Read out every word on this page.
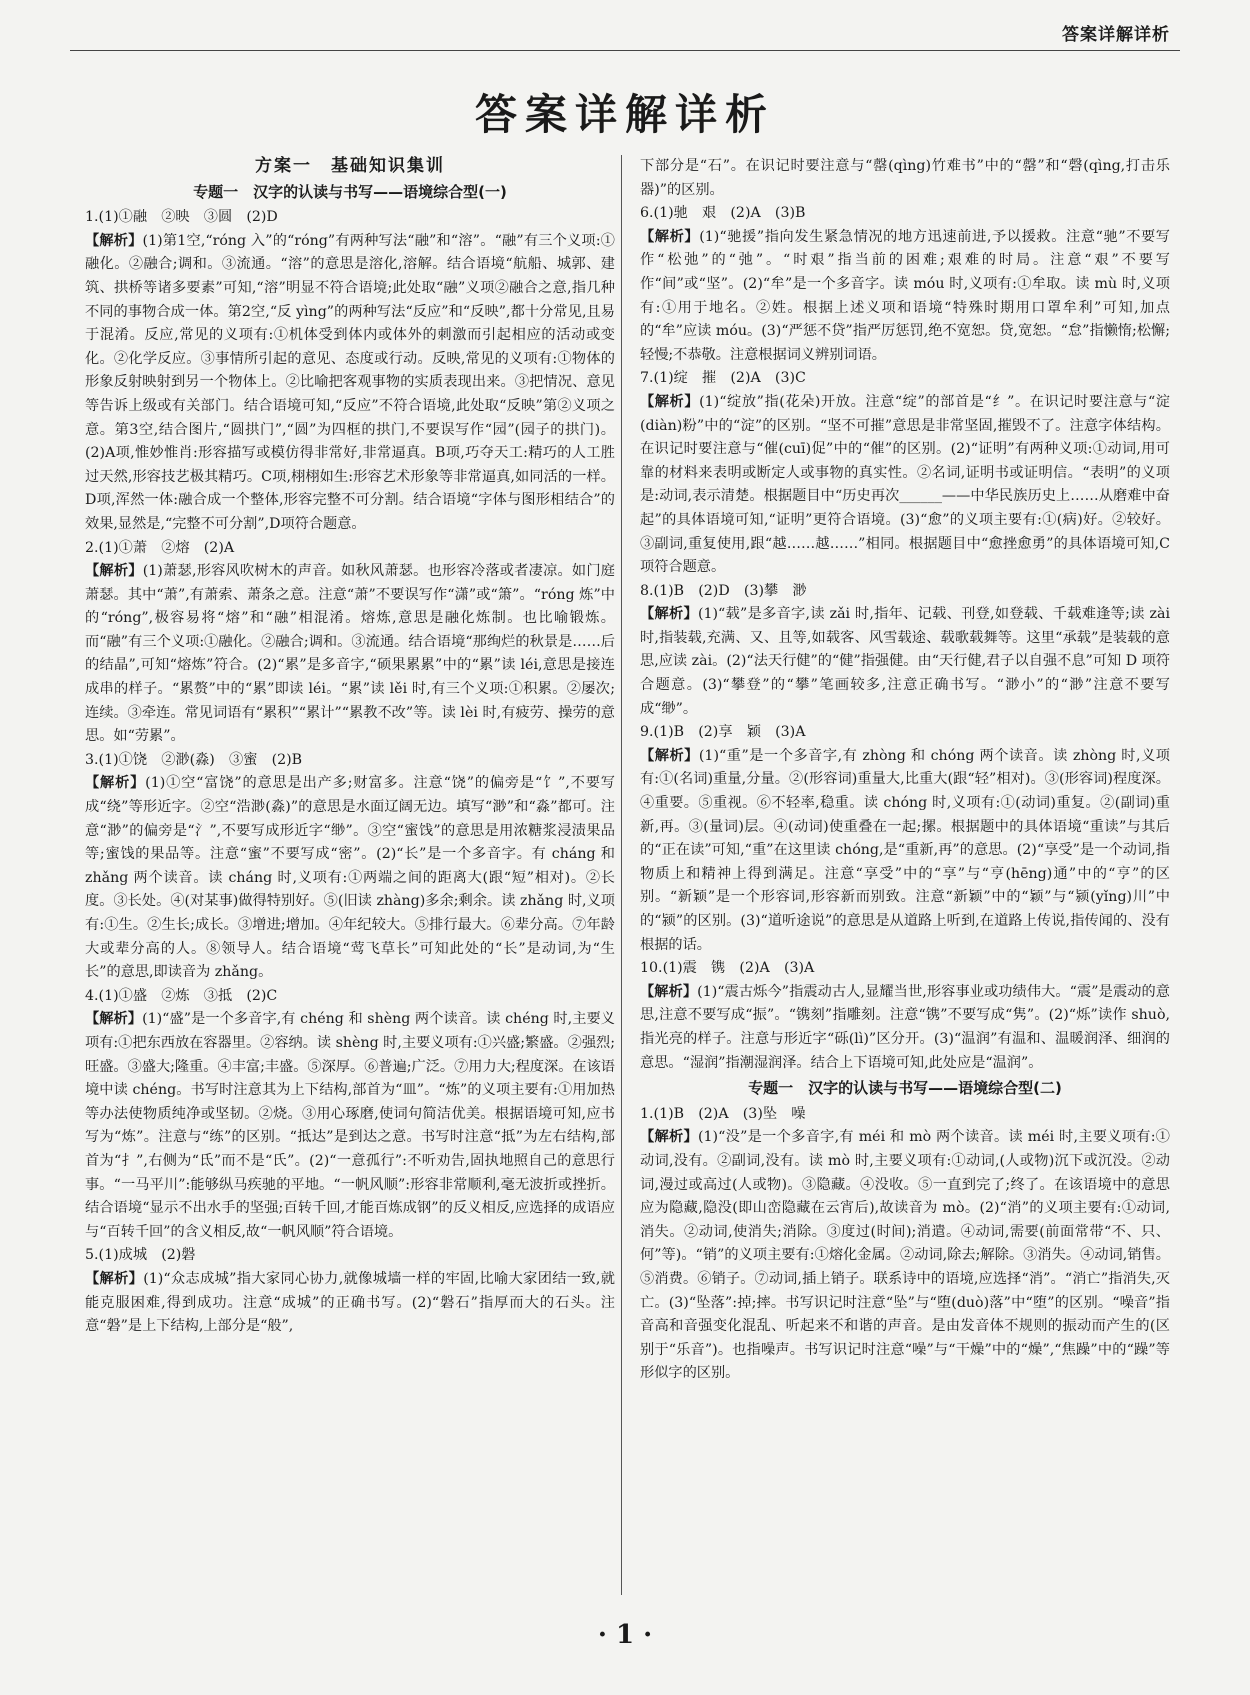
答案详解详析
答案详解详析
方案一　基础知识集训
专题一　汉字的认读与书写——语境综合型(一)

1.(1)①融　②映　③圆　(2)D

【解析】(1)第1空,“róng 入”的“róng”有两种写法“融”和“溶”。“融”有三个义项:①融化。②融合;调和。③流通。“溶”的意思是溶化,溶解。结合语境“航船、城郭、建筑、拱桥等诸多要素”可知,“溶”明显不符合语境;此处取“融”义项②融合之意,指几种不同的事物合成一体。第2空,“反 yìng”的两种写法“反应”和“反映”,都十分常见,且易于混淆。反应,常见的义项有:①机体受到体内或体外的刺激而引起相应的活动或变化。②化学反应。③事情所引起的意见、态度或行动。反映,常见的义项有:①物体的形象反射映射到另一个物体上。②比喻把客观事物的实质表现出来。③把情况、意见等告诉上级或有关部门。结合语境可知,“反应”不符合语境,此处取“反映”第②义项之意。第3空,结合图片,“圆拱门”,“圆”为四框的拱门,不要误写作“园”(园子的拱门)。(2)A项,惟妙惟肖:形容描写或模仿得非常好,非常逼真。B项,巧夺天工:精巧的人工胜过天然,形容技艺极其精巧。C项,栩栩如生:形容艺术形象等非常逼真,如同活的一样。D项,浑然一体:融合成一个整体,形容完整不可分割。结合语境“字体与图形相结合”的效果,显然是,“完整不可分割”,D项符合题意。

2.(1)①萧　②熔　(2)A

【解析】(1)萧瑟,形容风吹树木的声音。如秋风萧瑟。也形容冷落或者凄凉。如门庭萧瑟。其中“萧”,有萧索、萧条之意。注意“萧”不要误写作“潇”或“箫”。“róng 炼”中的“róng”,极容易将“熔”和“融”相混淆。熔炼,意思是融化炼制。也比喻锻炼。而“融”有三个义项:①融化。②融合;调和。③流通。结合语境“那绚烂的秋景是……后的结晶”,可知“熔炼”符合。(2)“累”是多音字,“硕果累累”中的“累”读 léi,意思是接连成串的样子。“累赘”中的“累”即读 léi。“累”读 lěi 时,有三个义项:①积累。②屡次;连续。③牵连。常见词语有“累积”“累计”“累教不改”等。读 lèi 时,有疲劳、操劳的意思。如“劳累”。

3.(1)①饶　②渺(淼)　③蜜　(2)B

【解析】(1)①空“富饶”的意思是出产多;财富多。注意“饶”的偏旁是“饣”,不要写成“绕”等形近字。②空“浩渺(淼)”的意思是水面辽阔无边。填写“渺”和“淼”都可。注意“渺”的偏旁是“氵”,不要写成形近字“缈”。③空“蜜饯”的意思是用浓糖浆浸渍果品等;蜜饯的果品等。注意“蜜”不要写成“密”。(2)“长”是一个多音字。有 cháng 和 zhǎng 两个读音。读 cháng 时,义项有:①两端之间的距离大(跟“短”相对)。②长度。③长处。④(对某事)做得特别好。⑤(旧读 zhàng)多余;剩余。读 zhǎng 时,义项有:①生。②生长;成长。③增进;增加。④年纪较大。⑤排行最大。⑥辈分高。⑦年龄大或辈分高的人。⑧领导人。结合语境“莺飞草长”可知此处的“长”是动词,为“生长”的意思,即读音为 zhǎng。

4.(1)①盛　②炼　③抵　(2)C

【解析】(1)“盛”是一个多音字,有 chéng 和 shèng 两个读音。读 chéng 时,主要义项有:①把东西放在容器里。②容纳。读 shèng 时,主要义项有:①兴盛;繁盛。②强烈;旺盛。③盛大;隆重。④丰富;丰盛。⑤深厚。⑥普遍;广泛。⑦用力大;程度深。在该语境中读 chéng。书写时注意其为上下结构,部首为“皿”。“炼”的义项主要有:①用加热等办法使物质纯净或坚韧。②烧。③用心琢磨,使词句简洁优美。根据语境可知,应书写为“炼”。注意与“练”的区别。“抵达”是到达之意。书写时注意“抵”为左右结构,部首为“扌”,右侧为“氐”而不是“氏”。(2)“一意孤行”:不听劝告,固执地照自己的意思行事。“一马平川”:能够纵马疾驰的平地。“一帆风顺”:形容非常顺利,毫无波折或挫折。结合语境“显示不出水手的坚强;百转千回,才能百炼成钢”的反义相反,应选择的成语应与“百转千回”的含义相反,故“一帆风顺”符合语境。

5.(1)成城　(2)磐

【解析】(1)“众志成城”指大家同心协力,就像城墙一样的牢固,比喻大家团结一致,就能克服困难,得到成功。注意“成城”的正确书写。(2)“磐石”指厚而大的石头。注意“磐”是上下结构,上部分是“般”,

下部分是“石”。在识记时要注意与“罄(qìng)竹难书”中的“罄”和“磬(qìng,打击乐器)”的区别。

6.(1)驰　艰　(2)A　(3)B

【解析】(1)“驰援”指向发生紧急情况的地方迅速前进,予以援救。注意“驰”不要写作“松弛”的“弛”。“时艰”指当前的困难;艰难的时局。注意“艰”不要写作“间”或“坚”。(2)“牟”是一个多音字。读 móu 时,义项有:①牟取。读 mù 时,义项有:①用于地名。②姓。根据上述义项和语境“特殊时期用口罩牟利”可知,加点的“牟”应读 móu。(3)“严惩不贷”指严厉惩罚,绝不宽恕。贷,宽恕。“怠”指懒惰;松懈;轻慢;不恭敬。注意根据词义辨别词语。

7.(1)绽　摧　(2)A　(3)C

【解析】(1)“绽放”指(花朵)开放。注意“绽”的部首是“纟”。在识记时要注意与“淀(diàn)粉”中的“淀”的区别。“坚不可摧”意思是非常坚固,摧毁不了。注意字体结构。在识记时要注意与“催(cuī)促”中的“催”的区别。(2)“证明”有两种义项:①动词,用可靠的材料来表明或断定人或事物的真实性。②名词,证明书或证明信。“表明”的义项是:动词,表示清楚。根据题目中“历史再次______——中华民族历史上……从磨难中奋起”的具体语境可知,“证明”更符合语境。(3)“愈”的义项主要有:①(病)好。②较好。③副词,重复使用,跟“越……越……”相同。根据题目中“愈挫愈勇”的具体语境可知,C 项符合题意。

8.(1)B　(2)D　(3)攀　渺

【解析】(1)“载”是多音字,读 zǎi 时,指年、记载、刊登,如登载、千载难逢等;读 zài 时,指装载,充满、又、且等,如载客、风雪载途、载歌载舞等。这里“承载”是装载的意思,应读 zài。(2)“法天行健”的“健”指强健。由“天行健,君子以自强不息”可知 D 项符合题意。(3)“攀登”的“攀”笔画较多,注意正确书写。“渺小”的“渺”注意不要写成“缈”。

9.(1)B　(2)享　颖　(3)A

【解析】(1)“重”是一个多音字,有 zhòng 和 chóng 两个读音。读 zhòng 时,义项有:①(名词)重量,分量。②(形容词)重量大,比重大(跟“轻”相对)。③(形容词)程度深。④重要。⑤重视。⑥不轻率,稳重。读 chóng 时,义项有:①(动词)重复。②(副词)重新,再。③(量词)层。④(动词)使重叠在一起;摞。根据题中的具体语境“重读”与其后的“正在读”可知,“重”在这里读 chóng,是“重新,再”的意思。(2)“享受”是一个动词,指物质上和精神上得到满足。注意“享受”中的“享”与“亨(hēng)通”中的“亨”的区别。“新颖”是一个形容词,形容新而别致。注意“新颖”中的“颖”与“颍(yǐng)川”中的“颍”的区别。(3)“道听途说”的意思是从道路上听到,在道路上传说,指传闻的、没有根据的话。

10.(1)震　镌　(2)A　(3)A

【解析】(1)“震古烁今”指震动古人,显耀当世,形容事业或功绩伟大。“震”是震动的意思,注意不要写成“振”。“镌刻”指雕刻。注意“镌”不要写成“隽”。(2)“烁”读作 shuò,指光亮的样子。注意与形近字“砾(lì)”区分开。(3)“温润”有温和、温暖润泽、细润的意思。“湿润”指潮湿润泽。结合上下语境可知,此处应是“温润”。

专题一　汉字的认读与书写——语境综合型(二)

1.(1)B　(2)A　(3)坠　噪

【解析】(1)“没”是一个多音字,有 méi 和 mò 两个读音。读 méi 时,主要义项有:①动词,没有。②副词,没有。读 mò 时,主要义项有:①动词,(人或物)沉下或沉没。②动词,漫过或高过(人或物)。③隐藏。④没收。⑤一直到完了;终了。在该语境中的意思应为隐藏,隐没(即山峦隐藏在云宵后),故读音为 mò。(2)“消”的义项主要有:①动词,消失。②动词,使消失;消除。③度过(时间);消遣。④动词,需要(前面常带“不、只、何”等)。“销”的义项主要有:①熔化金属。②动词,除去;解除。③消失。④动词,销售。⑤消费。⑥销子。⑦动词,插上销子。联系诗中的语境,应选择“消”。“消亡”指消失,灭亡。(3)“坠落”:掉;摔。书写识记时注意“坠”与“堕(duò)落”中“堕”的区别。“噪音”指音高和音强变化混乱、听起来不和谐的声音。是由发音体不规则的振动而产生的(区别于“乐音”)。也指噪声。书写识记时注意“噪”与“干燥”中的“燥”,“焦躁”中的“躁”等形似字的区别。

· 1 ·
